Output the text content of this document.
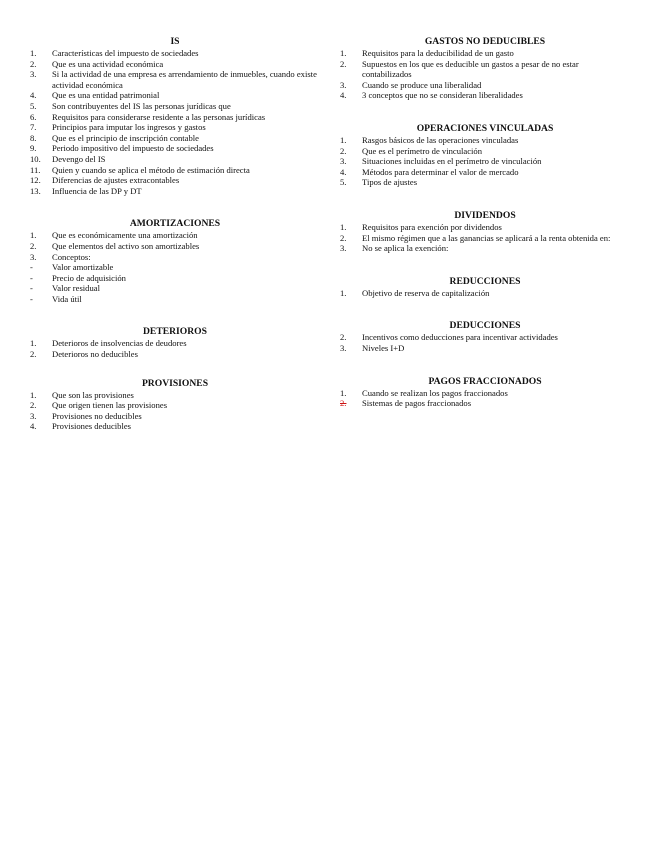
IS
1.	Características del impuesto de sociedades
2.	Que es una actividad económica
3.	Si la actividad de una empresa es arrendamiento de inmuebles, cuando existe actividad económica
4.	Que es una entidad patrimonial
5.	Son contribuyentes del IS las personas jurídicas que
6.	Requisitos para considerarse residente a las personas jurídicas
7.	Principios para imputar los ingresos y gastos
8.	Que es el principio de inscripción contable
9.	Periodo impositivo del impuesto de sociedades
10.	Devengo del IS
11.	Quien y cuando se aplica el método de estimación directa
12.	Diferencias de ajustes extracontables
13.	Influencia de las DP y DT
AMORTIZACIONES
1.	Que es económicamente una amortización
2.	Que elementos del activo son amortizables
3.	Conceptos:
-	Valor amortizable
-	Precio de adquisición
-	Valor residual
-	Vida útil
DETERIOROS
1.	Deterioros de insolvencias de deudores
2.	Deterioros no deducibles
PROVISIONES
1.	Que son las provisiones
2.	Que origen tienen las provisiones
3.	Provisiones no deducibles
4.	Provisiones deducibles
GASTOS NO DEDUCIBLES
1.	Requisitos para la deducibilidad de un gasto
2.	Supuestos en los que es deducible un gastos a pesar de no estar contabilizados
3.	Cuando se produce una liberalidad
4.	3 conceptos que no se consideran liberalidades
OPERACIONES VINCULADAS
1.	Rasgos básicos de las operaciones vinculadas
2.	Que es el perímetro de vinculación
3.	Situaciones incluidas en el perímetro de vinculación
4.	Métodos para determinar el valor de mercado
5.	Tipos de ajustes
DIVIDENDOS
1.	Requisitos para exención por dividendos
2.	El mismo régimen que a las ganancias se aplicará a la renta obtenida en:
3.	No se aplica la exención:
REDUCCIONES
1.	Objetivo de reserva de capitalización
DEDUCCIONES
2.	Incentivos como deducciones para incentivar actividades
3.	Niveles I+D
PAGOS FRACCIONADOS
1.	Cuando se realizan los pagos fraccionados
2.	Sistemas de pagos fraccionados
